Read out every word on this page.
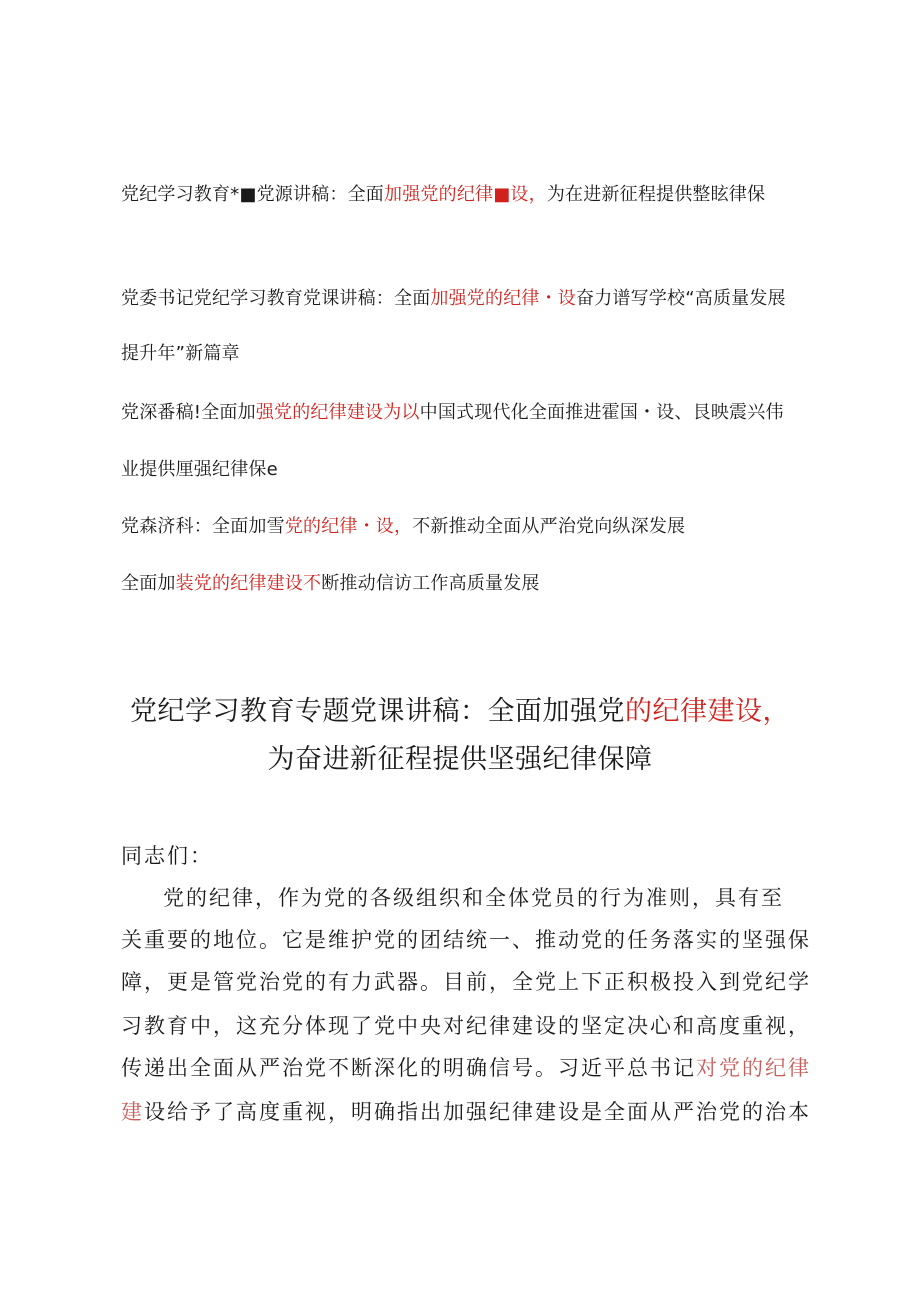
党纪学习教育*■党源讲稿：全面加强党的纪律■设，为在进新征程提供整眩律保
党委书记党纪学习教育党课讲稿：全面加强党的纪律・设奋力谱写学校“高质量发展
提升年”新篇章
党深番稿!全面加强党的纪律建设为以中国式现代化全面推进霍国・设、艮映震兴伟
业提供厘强纪律保e
党森济科：全面加雪党的纪律・设，不新推动全面从严治党向纵深发展
全面加装党的纪律建设不断推动信访工作高质量发展
党纪学习教育专题党课讲稿：全面加强党的纪律建设，
为奋进新征程提供坚强纪律保障
同志们：
党的纪律，作为党的各级组织和全体党员的行为准则，具有至
关重要的地位。它是维护党的团结统一、推动党的任务落实的坚强保
障，更是管党治党的有力武器。目前，全党上下正积极投入到党纪学
习教育中，这充分体现了党中央对纪律建设的坚定决心和高度重视，
传递出全面从严治党不断深化的明确信号。习近平总书记对党的纪律
建设给予了高度重视，明确指出加强纪律建设是全面从严治党的治本
